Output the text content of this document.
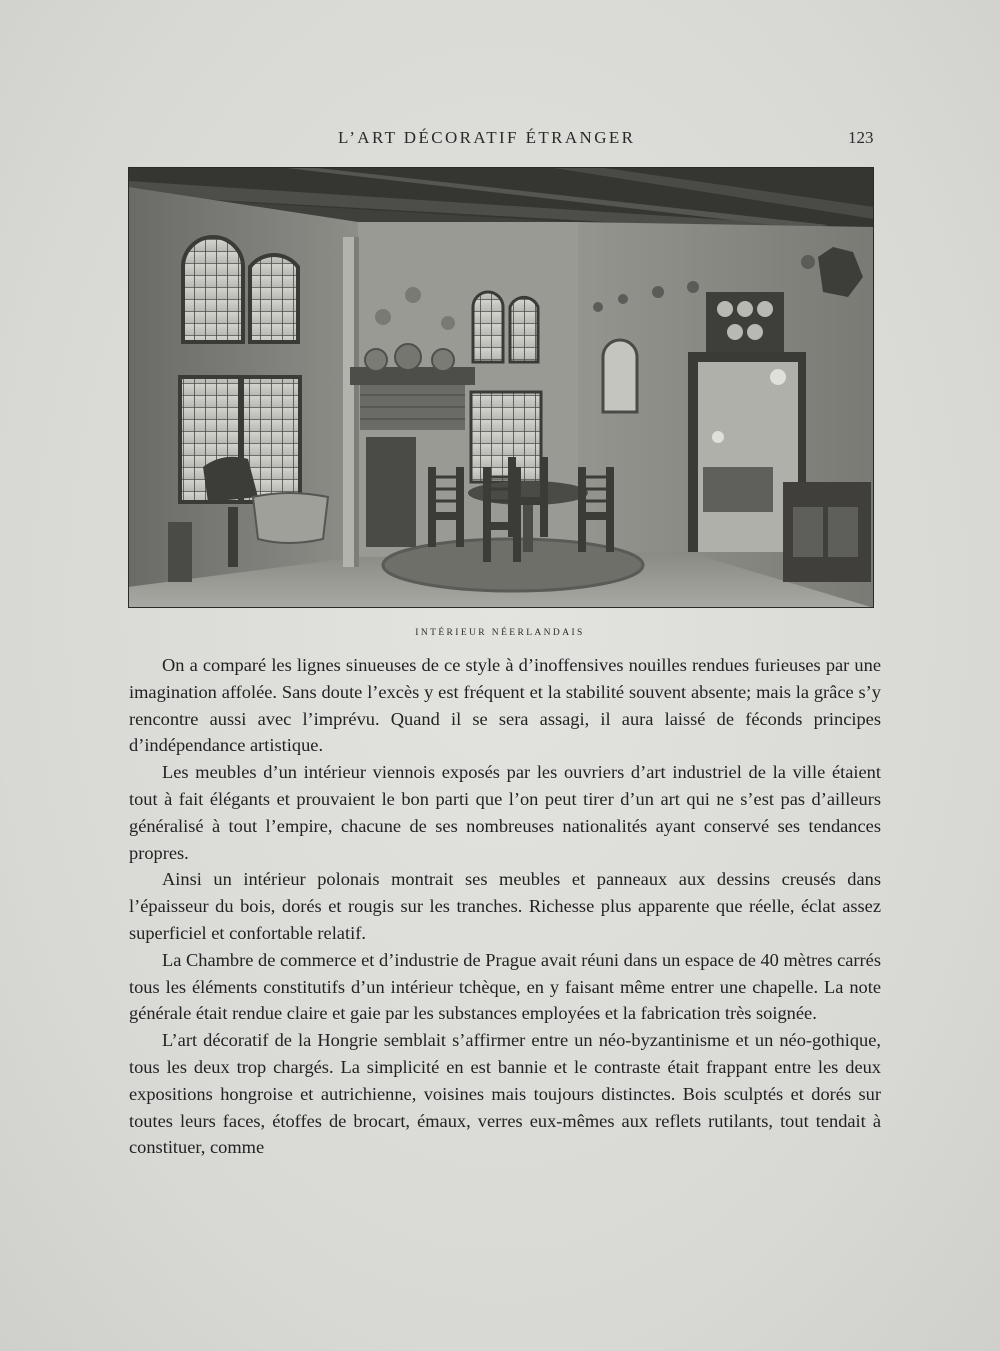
L’ART DÉCORATIF ÉTRANGER	123
INTÉRIEUR NÉERLANDAIS

On a comparé les lignes sinueuses de ce style à d’inoffensives nouilles rendues furieuses par une imagination affolée. Sans doute l’excès y est fréquent et la stabilité souvent absente; mais la grâce s’y rencontre aussi avec l’imprévu. Quand il se sera assagi, il aura laissé de féconds principes d’indépendance artistique.

Les meubles d’un intérieur viennois exposés par les ouvriers d’art industriel de la ville étaient tout à fait élégants et prouvaient le bon parti que l’on peut tirer d’un art qui ne s’est pas d’ailleurs généralisé à tout l’empire, chacune de ses nombreuses nationalités ayant conservé ses tendances propres.

Ainsi un intérieur polonais montrait ses meubles et panneaux aux dessins creusés dans l’épaisseur du bois, dorés et rougis sur les tranches. Richesse plus apparente que réelle, éclat assez superficiel et confortable relatif.

La Chambre de commerce et d’industrie de Prague avait réuni dans un espace de 40 mètres carrés tous les éléments constitutifs d’un intérieur tchèque, en y faisant même entrer une chapelle. La note générale était rendue claire et gaie par les substances employées et la fabrication très soignée.

L’art décoratif de la Hongrie semblait s’affirmer entre un néo-byzantinisme et un néo-gothique, tous les deux trop chargés. La simplicité en est bannie et le contraste était frappant entre les deux expositions hongroise et autrichienne, voisines mais toujours distinctes. Bois sculptés et dorés sur toutes leurs faces, étoffes de brocart, émaux, verres eux-mêmes aux reflets rutilants, tout tendait à constituer, comme
